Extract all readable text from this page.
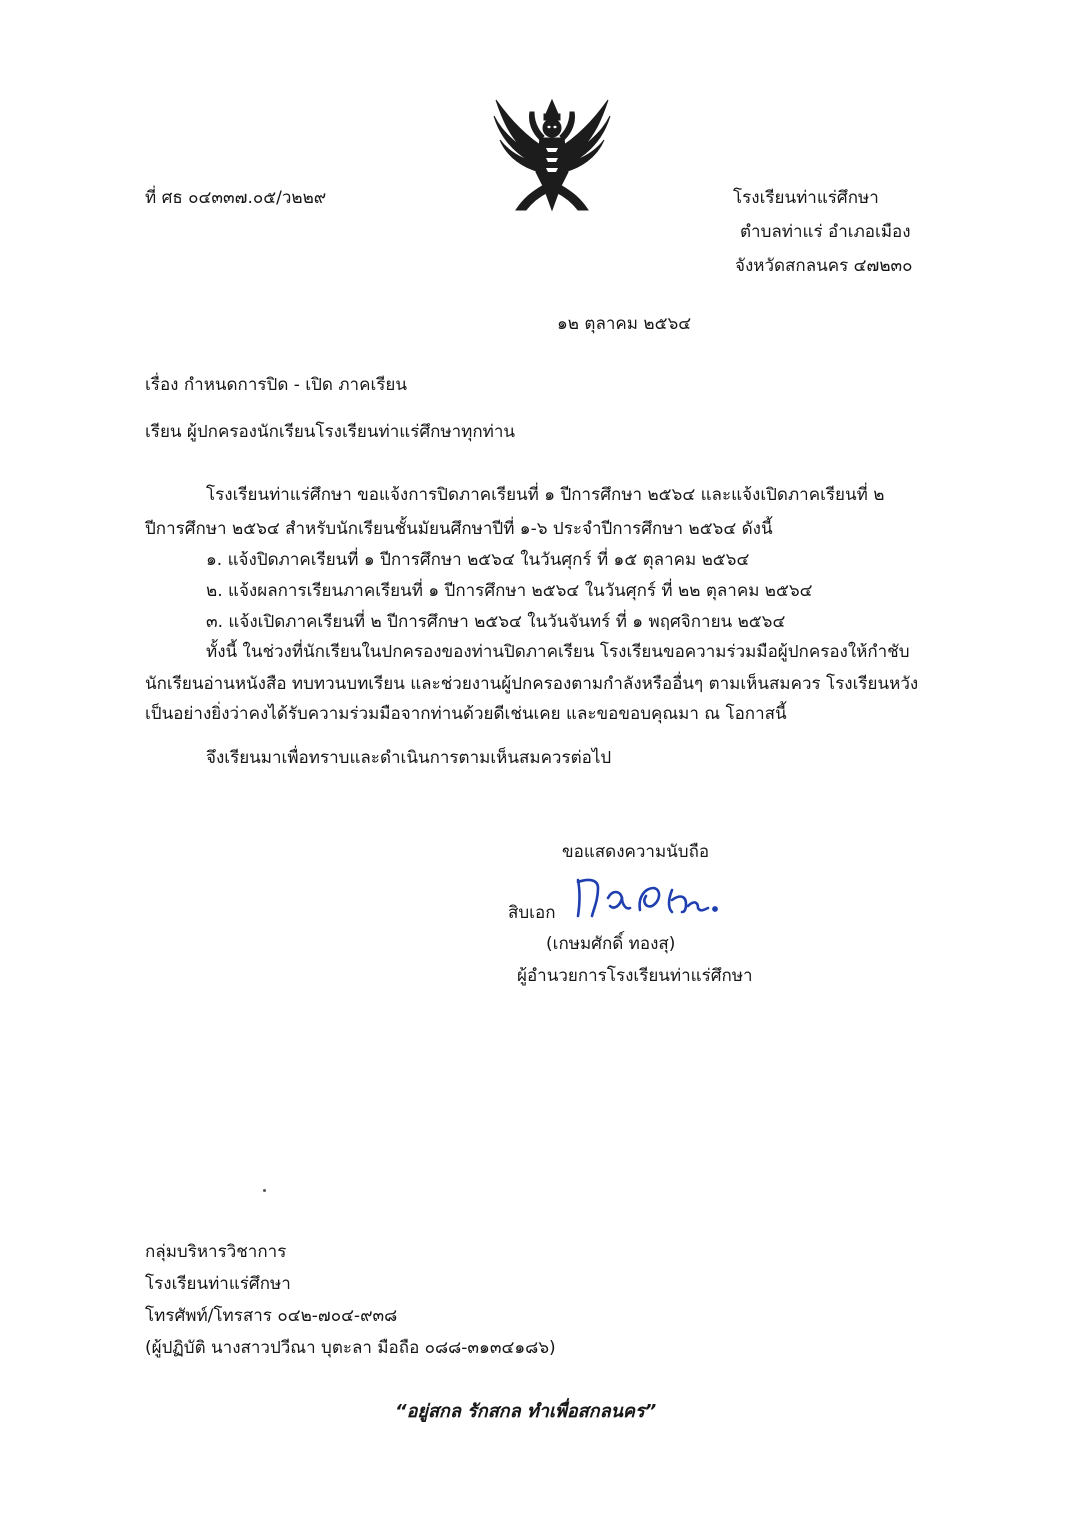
ที่ ศธ ๐๔๓๓๗.๐๕/ว๒๒๙	โรงเรียนท่าแร่ศึกษา
ตำบลท่าแร่ อำเภอเมือง
จังหวัดสกลนคร ๔๗๒๓๐
๑๒ ตุลาคม ๒๕๖๔
เรื่อง กำหนดการปิด - เปิด ภาคเรียน
เรียน ผู้ปกครองนักเรียนโรงเรียนท่าแร่ศึกษาทุกท่าน
โรงเรียนท่าแร่ศึกษา ขอแจ้งการปิดภาคเรียนที่ ๑ ปีการศึกษา ๒๕๖๔ และแจ้งเปิดภาคเรียนที่ ๒
ปีการศึกษา ๒๕๖๔ สำหรับนักเรียนชั้นมัยนศึกษาปีที่ ๑-๖ ประจำปีการศึกษา ๒๕๖๔ ดังนี้
๑. แจ้งปิดภาคเรียนที่ ๑ ปีการศึกษา ๒๕๖๔ ในวันศุกร์ ที่ ๑๕ ตุลาคม ๒๕๖๔
๒. แจ้งผลการเรียนภาคเรียนที่ ๑ ปีการศึกษา ๒๕๖๔ ในวันศุกร์ ที่ ๒๒ ตุลาคม ๒๕๖๔
๓. แจ้งเปิดภาคเรียนที่ ๒ ปีการศึกษา ๒๕๖๔ ในวันจันทร์ ที่ ๑ พฤศจิกายน ๒๕๖๔
ทั้งนี้ ในช่วงที่นักเรียนในปกครองของท่านปิดภาคเรียน โรงเรียนขอความร่วมมือผู้ปกครองให้กำชับ
นักเรียนอ่านหนังสือ ทบทวนบทเรียน และช่วยงานผู้ปกครองตามกำลังหรืออื่นๆ ตามเห็นสมควร โรงเรียนหวัง
เป็นอย่างยิ่งว่าคงได้รับความร่วมมือจากท่านด้วยดีเช่นเคย และขอขอบคุณมา ณ โอกาสนี้
จึงเรียนมาเพื่อทราบและดำเนินการตามเห็นสมควรต่อไป
ขอแสดงความนับถือ
สิบเอก
(เกษมศักดิ์ ทองสุ)
ผู้อำนวยการโรงเรียนท่าแร่ศึกษา
กลุ่มบริหารวิชาการ
โรงเรียนท่าแร่ศึกษา
โทรศัพท์/โทรสาร ๐๔๒-๗๐๔-๙๓๘
(ผู้ปฏิบัติ นางสาวปวีณา บุตะลา มือถือ ๐๘๘-๓๑๓๔๑๘๖)
“อยู่สกล รักสกล ทำเพื่อสกลนคร”
